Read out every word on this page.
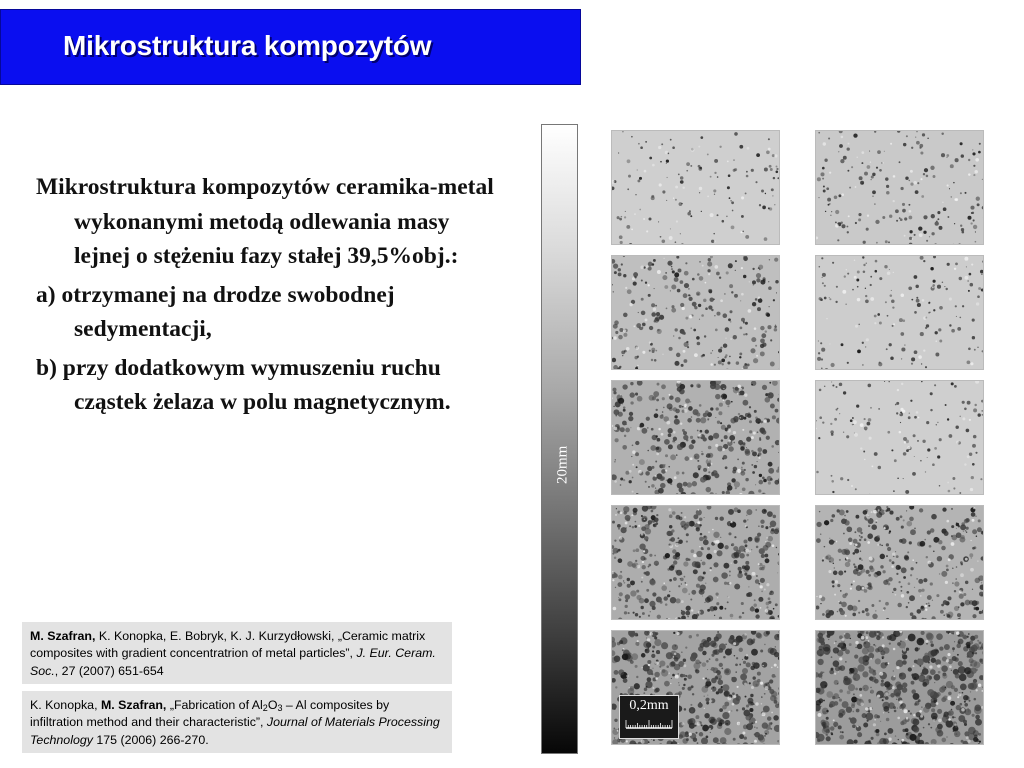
Mikrostruktura kompozytów

Mikrostruktura kompozytów ceramika-metal wykonanymi metodą odlewania masy lejnej o stężeniu fazy stałej 39,5%obj.:

a) otrzymanej na drodze swobodnej sedymentacji,

b) przy dodatkowym wymuszeniu ruchu cząstek żelaza w polu magnetycznym.

M. Szafran, K. Konopka, E. Bobryk, K. J. Kurzydłowski, „Ceramic matrix composites with gradient concentratrion of metal particles”, J. Eur. Ceram. Soc., 27 (2007) 651-654
K. Konopka, M. Szafran, „Fabrication of $Al_2O_3$ – Al composites by infiltration method and their characteristic”, Journal of Materials Processing Technology 175 (2006) 266-270.
20mm
0,2mm
